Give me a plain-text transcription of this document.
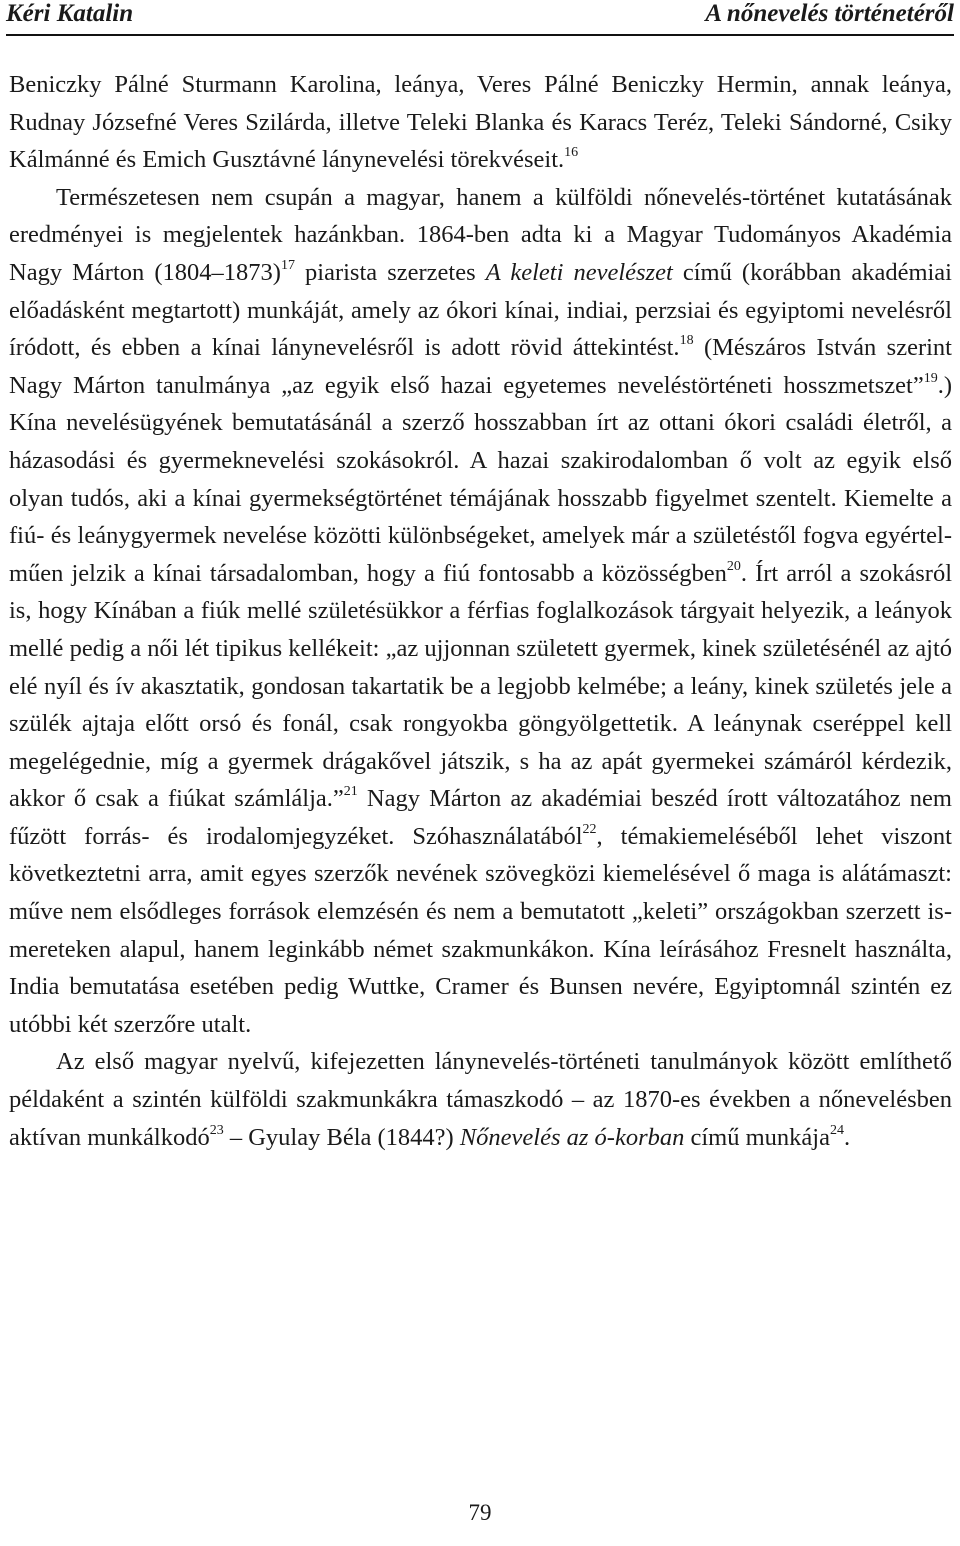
Kéri Katalin	A nőnevelés történetéről

Beniczky Pálné Sturmann Karolina, leánya, Veres Pálné Beniczky Hermin, annak leánya, Rudnay Józsefné Veres Szilárda, illetve Teleki Blanka és Karacs Teréz, Teleki Sándorné, Csiky Kálmánné és Emich Gusztávné lánynevelési törekvéseit.$^{16}$

Természetesen nem csupán a magyar, hanem a külföldi nőnevelés-történet kutatásának eredményei is megjelentek hazánkban. 1864-ben adta ki a Magyar Tudományos Akadémia Nagy Márton (1804–1873)$^{17}$ piarista szerzetes A keleti nevelészet című (korábban akadémiai előadásként megtartott) munkáját, amely az ókori kínai, indiai, perzsiai és egyiptomi nevelésről íródott, és ebben a kínai lánynevelésről is adott rövid áttekintést.$^{18}$ (Mészáros István szerint Nagy Márton tanulmánya „az egyik első hazai egyetemes neveléstörténeti hosszmetszet”$^{19}$.) Kína nevelésügyének bemutatásánál a szerző hosszabban írt az ottani ókori családi életről, a házasodási és gyermeknevelési szokásokról. A hazai szakirodalomban ő volt az egyik első olyan tudós, aki a kínai gyermekségtörténet témájának hosszabb figyelmet szentelt. Kiemelte a fiú- és leánygyermek nevelése közötti különbségeket, amelyek már a születéstől fogva egyértelműen jelzik a kínai társadalomban, hogy a fiú fontosabb a közösségben$^{20}$. Írt arról a szokásról is, hogy Kínában a fiúk mellé születésükkor a férfias foglalkozások tárgyait helyezik, a leányok mellé pedig a női lét tipikus kellékeit: „az ujjonnan született gyermek, kinek születésénél az ajtó elé nyíl és ív akasztatik, gondosan takartatik be a legjobb kelmébe; a leány, kinek születés jele a szülék ajtaja előtt orsó és fonál, csak rongyokba göngyölgettetik. A leánynak cseréppel kell megelégednie, míg a gyermek drágakővel játszik, s ha az apát gyermekei számáról kérdezik, akkor ő csak a fiúkat számlálja.”$^{21}$ Nagy Márton az akadémiai beszéd írott változatához nem fűzött forrás- és irodalomjegyzéket. Szóhasználatából$^{22}$, témakiemeléséből lehet viszont következtetni arra, amit egyes szerzők nevének szövegközi kiemelésével ő maga is alátámaszt: műve nem elsődleges források elemzésén és nem a bemutatott „keleti” országokban szerzett ismereteken alapul, hanem leginkább német szakmunkákon. Kína leírásához Fresnelt használta, India bemutatása esetében pedig Wuttke, Cramer és Bunsen nevére, Egyiptomnál szintén ez utóbbi két szerzőre utalt.

Az első magyar nyelvű, kifejezetten lánynevelés-történeti tanulmányok között említhető példaként a szintén külföldi szakmunkákra támaszkodó – az 1870-es években a nőnevelésben aktívan munkálkodó$^{23}$ – Gyulay Béla (1844?) Nőnevelés az ó-korban című munkája$^{24}$.

79
